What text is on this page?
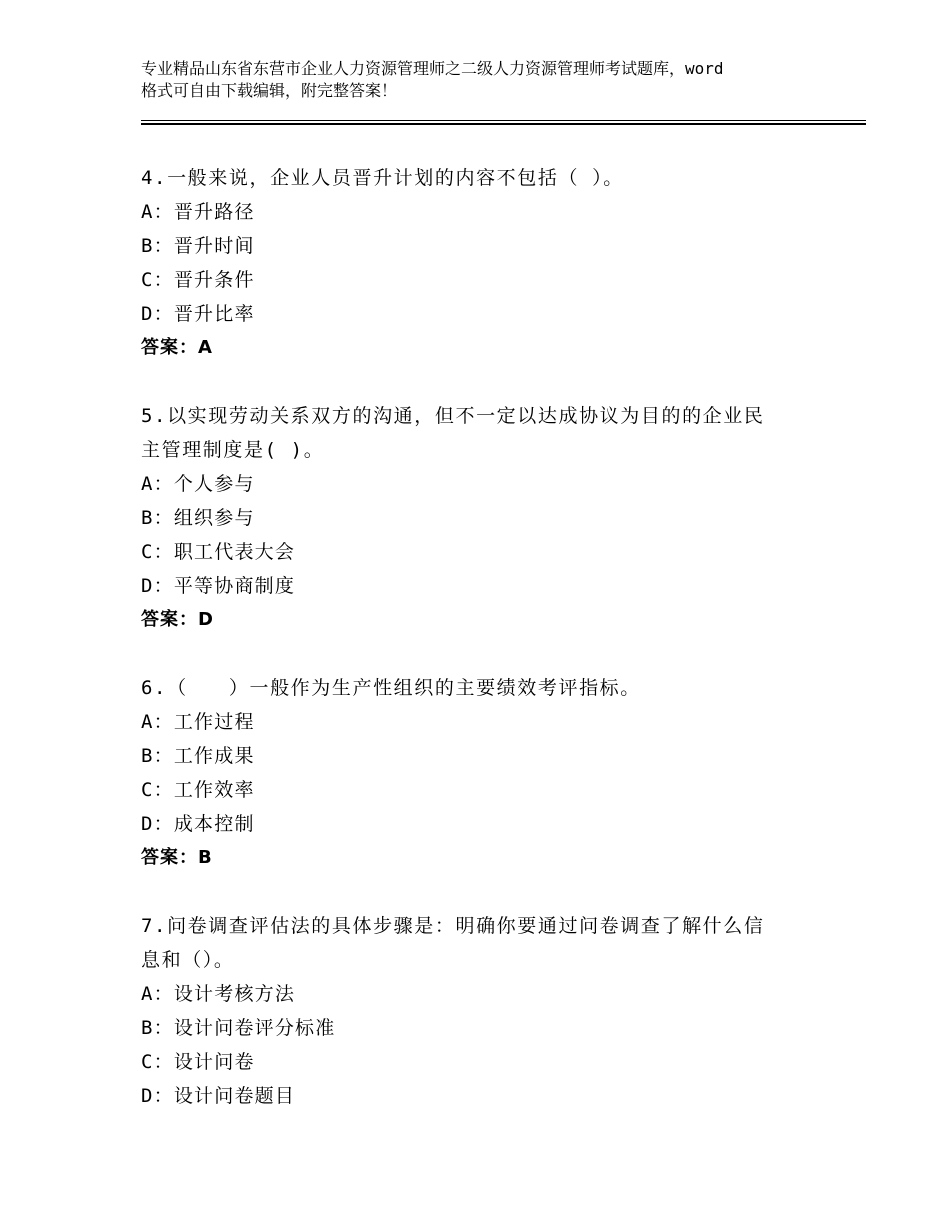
专业精品山东省东营市企业人力资源管理师之二级人力资源管理师考试题库，word

格式可自由下载编辑，附完整答案！

4.一般来说，企业人员晋升计划的内容不包括（ ）。
A：晋升路径
B：晋升时间
C：晋升条件
D：晋升比率
答案：A
5.以实现劳动关系双方的沟通，但不一定以达成协议为目的的企业民
主管理制度是( )。
A：个人参与
B：组织参与
C：职工代表大会
D：平等协商制度
答案：D
6.（　　）一般作为生产性组织的主要绩效考评指标。
A：工作过程
B：工作成果
C：工作效率
D：成本控制
答案：B
7.问卷调查评估法的具体步骤是：明确你要通过问卷调查了解什么信
息和（）。
A：设计考核方法
B：设计问卷评分标准
C：设计问卷
D：设计问卷题目
